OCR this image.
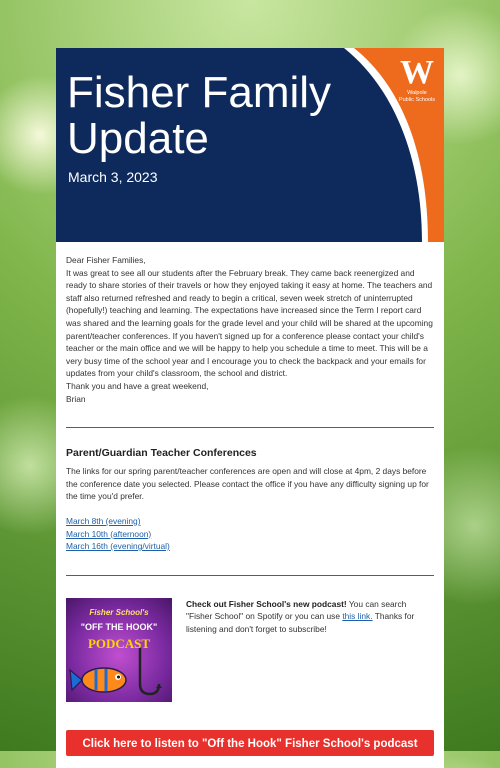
Fisher Family Update
March 3, 2023
W
Walpole
Public Schools

Dear Fisher Families,

It was great to see all our students after the February break. They came back reenergized and ready to share stories of their travels or how they enjoyed taking it easy at home. The teachers and staff also returned refreshed and ready to begin a critical, seven week stretch of uninterrupted (hopefully!) teaching and learning. The expectations have increased since the Term I report card was shared and the learning goals for the grade level and your child will be shared at the upcoming parent/teacher conferences. If you haven't signed up for a conference please contact your child's teacher or the main office and we will be happy to help you schedule a time to meet. This will be a very busy time of the school year and I encourage you to check the backpack and your emails for updates from your child's classroom, the school and district.

Thank you and have a great weekend,

Brian

Parent/Guardian Teacher Conferences
The links for our spring parent/teacher conferences are open and will close at 4pm, 2 days before the conference date you selected. Please contact the office if you have any difficulty signing up for the time you'd prefer.
March 8th (evening)
March 10th (afternoon)
March 16th (evening/virtual)
Fisher School's
"OFF THE HOOK"
PODCAST
Check out Fisher School's new podcast! You can search "Fisher School" on Spotify or you can use this link. Thanks for listening and don't forget to subscribe!
Click here to listen to "Off the Hook" Fisher School's podcast
